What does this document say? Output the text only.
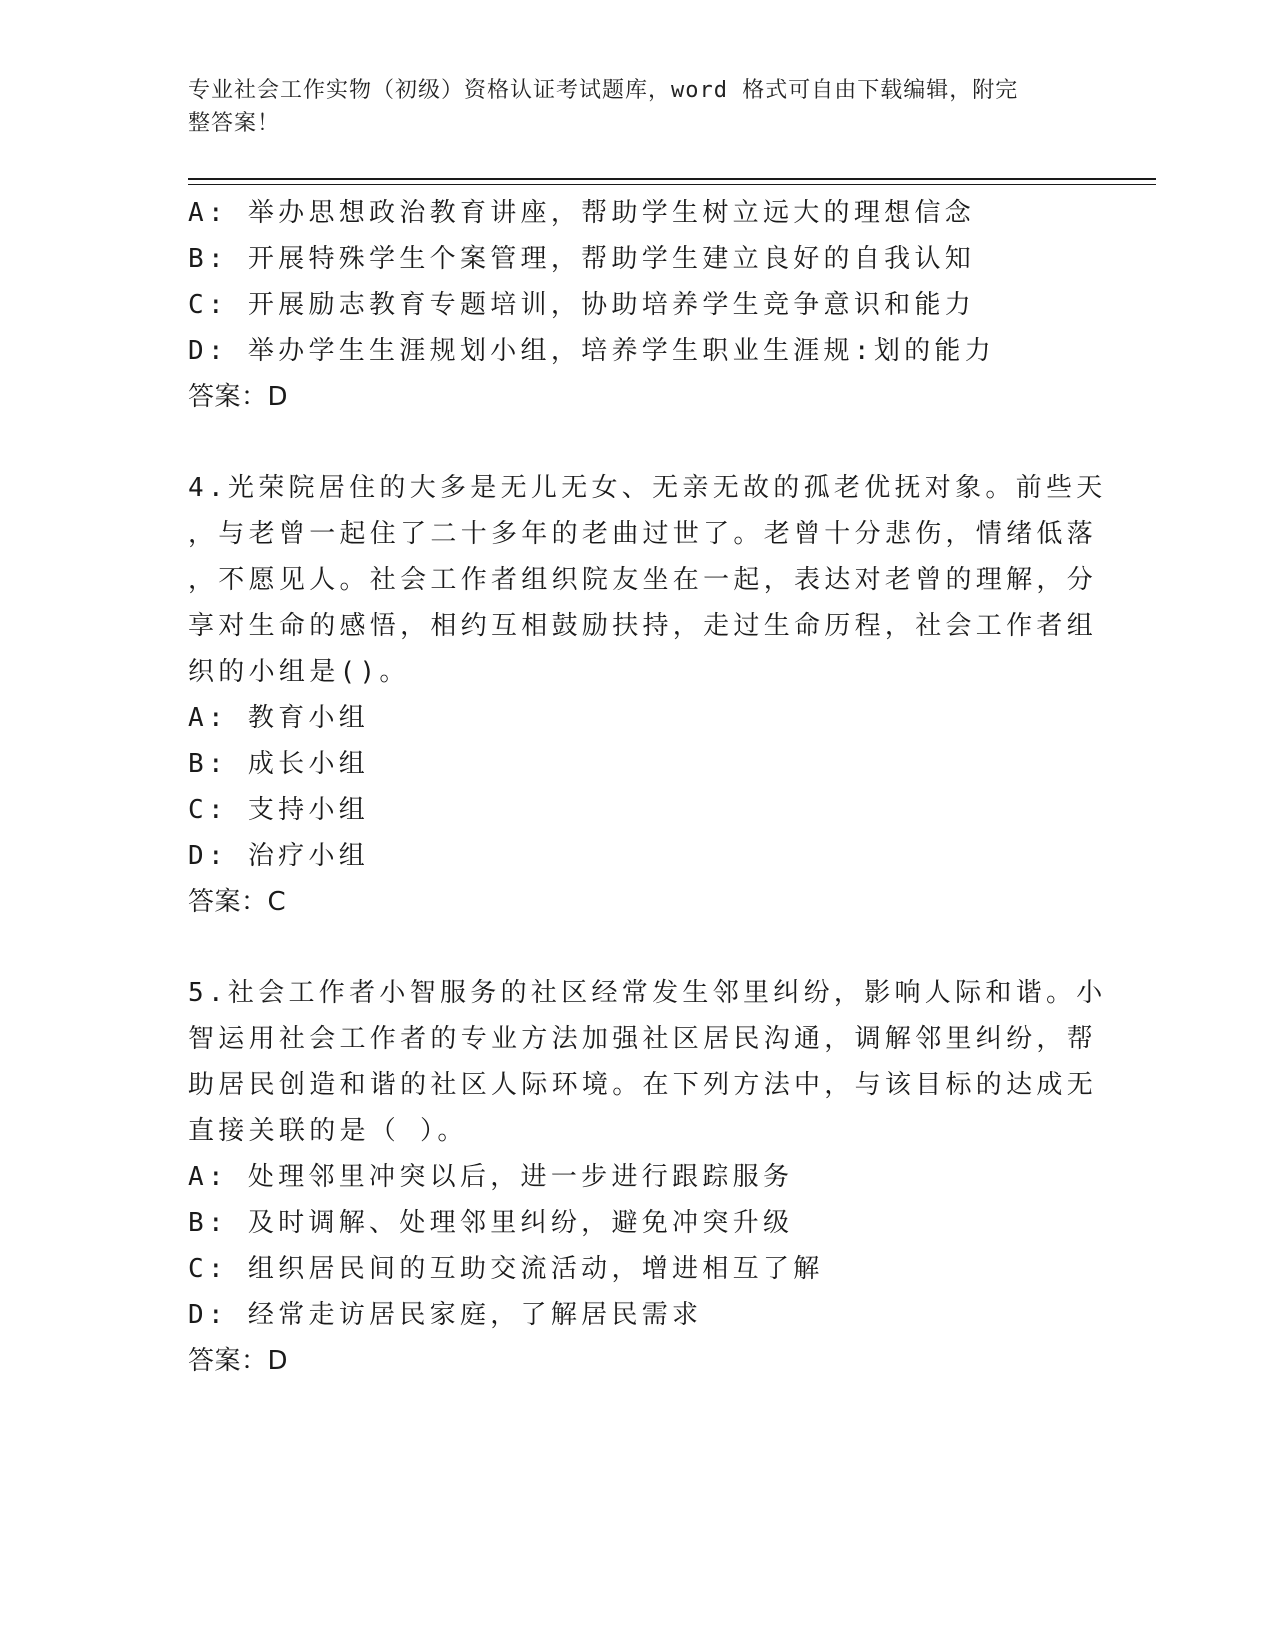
专业社会工作实物（初级）资格认证考试题库，word 格式可自由下载编辑，附完
整答案！

A: 举办思想政治教育讲座，帮助学生树立远大的理想信念

B: 开展特殊学生个案管理，帮助学生建立良好的自我认知

C: 开展励志教育专题培训，协助培养学生竞争意识和能力

D: 举办学生生涯规划小组，培养学生职业生涯规:划的能力

答案：D

4.光荣院居住的大多是无儿无女、无亲无故的孤老优抚对象。前些天

，与老曾一起住了二十多年的老曲过世了。老曾十分悲伤，情绪低落

，不愿见人。社会工作者组织院友坐在一起，表达对老曾的理解，分

享对生命的感悟，相约互相鼓励扶持，走过生命历程，社会工作者组

织的小组是()。

A: 教育小组

B: 成长小组

C: 支持小组

D: 治疗小组

答案：C

5.社会工作者小智服务的社区经常发生邻里纠纷，影响人际和谐。小

智运用社会工作者的专业方法加强社区居民沟通，调解邻里纠纷，帮

助居民创造和谐的社区人际环境。在下列方法中，与该目标的达成无

直接关联的是（ ）。

A: 处理邻里冲突以后，进一步进行跟踪服务

B: 及时调解、处理邻里纠纷，避免冲突升级

C: 组织居民间的互助交流活动，增进相互了解

D: 经常走访居民家庭，了解居民需求

答案：D
